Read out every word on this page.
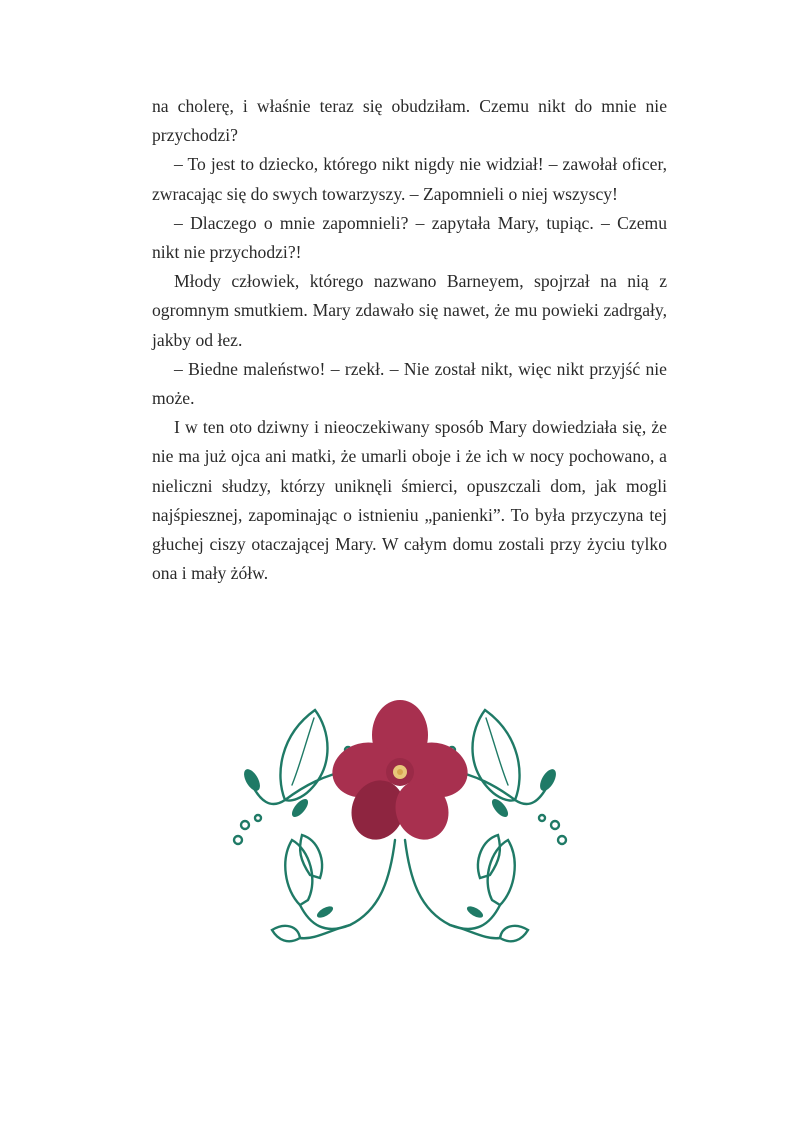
na cholerę, i właśnie teraz się obudziłam. Czemu nikt do mnie nie przychodzi?

– To jest to dziecko, którego nikt nigdy nie widział! – zawołał oficer, zwracając się do swych towarzyszy. – Zapomnieli o niej wszyscy!

– Dlaczego o mnie zapomnieli? – zapytała Mary, tupiąc. – Czemu nikt nie przychodzi?!

Młody człowiek, którego nazwano Barneyem, spojrzał na nią z ogromnym smutkiem. Mary zdawało się nawet, że mu powieki zadrgały, jakby od łez.

– Biedne maleństwo! – rzekł. – Nie został nikt, więc nikt przyjść nie może.

I w ten oto dziwny i nieoczekiwany sposób Mary dowiedziała się, że nie ma już ojca ani matki, że umarli oboje i że ich w nocy pochowano, a nieliczni słudzy, którzy uniknęli śmierci, opuszczali dom, jak mogli najśpiesznej, zapominając o istnieniu „panienki”. To była przyczyna tej głuchej ciszy otaczającej Mary. W całym domu zostali przy życiu tylko ona i mały żółw.
